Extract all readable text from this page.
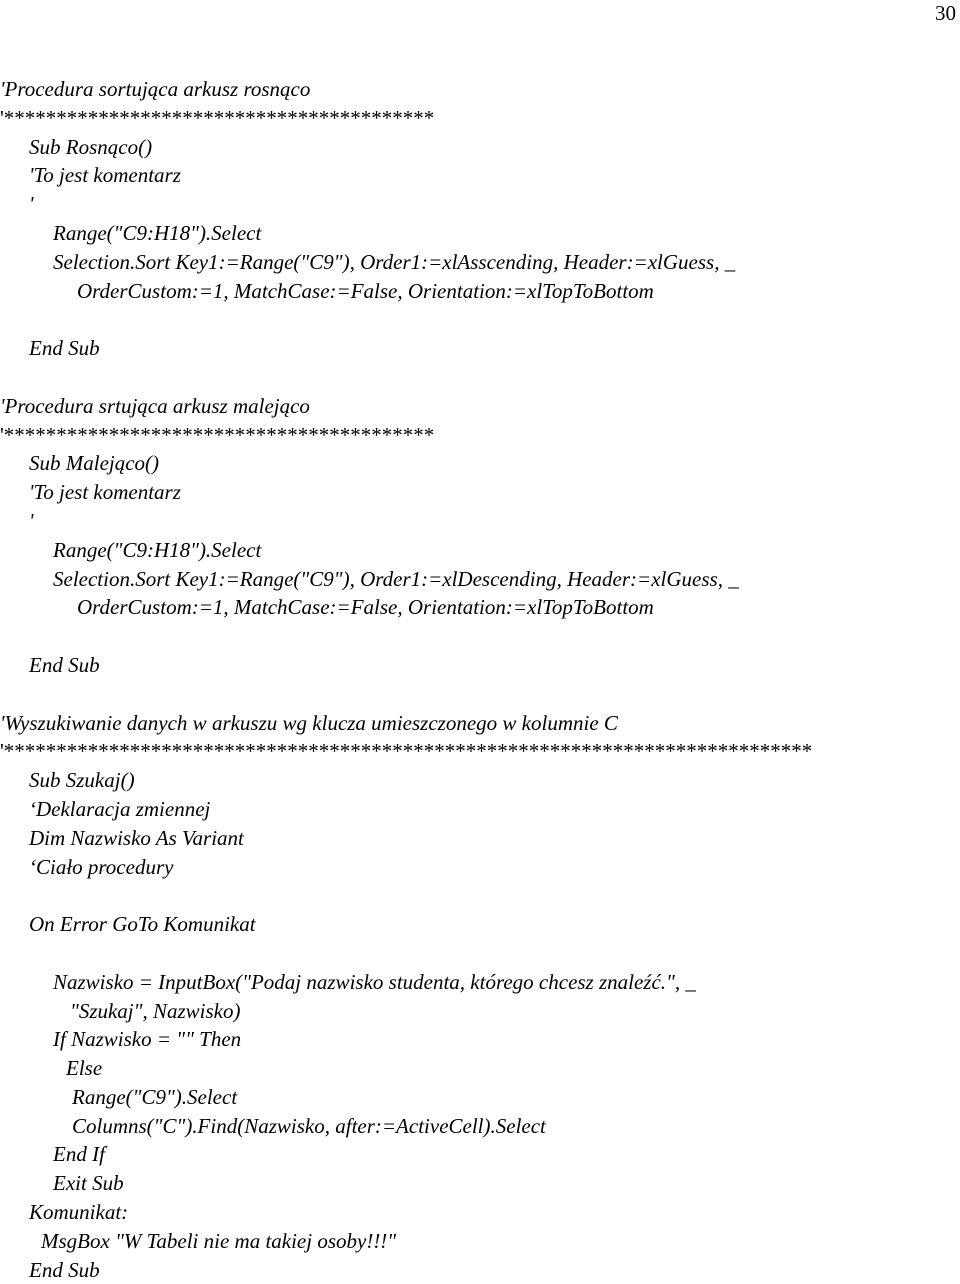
30
'Procedura sortująca arkusz rosnąco
'*****************************************
Sub Rosnąco()
'To jest komentarz
'
Range("C9:H18").Select
Selection.Sort Key1:=Range("C9"), Order1:=xlAsscending, Header:=xlGuess, _
OrderCustom:=1, MatchCase:=False, Orientation:=xlTopToBottom

End Sub

'Procedura srtująca arkusz malejąco
'*****************************************
Sub Malejąco()
'To jest komentarz
'
Range("C9:H18").Select
Selection.Sort Key1:=Range("C9"), Order1:=xlDescending, Header:=xlGuess, _
OrderCustom:=1, MatchCase:=False, Orientation:=xlTopToBottom

End Sub

'Wyszukiwanie danych w arkuszu wg klucza umieszczonego w kolumnie C
'*****************************************************************************
Sub Szukaj()
‘Deklaracja zmiennej
Dim Nazwisko As Variant
‘Ciało procedury

On Error GoTo Komunikat

Nazwisko = InputBox("Podaj nazwisko studenta, którego chcesz znaleźć.", _
"Szukaj", Nazwisko)
If Nazwisko = "" Then
Else
Range("C9").Select
Columns("C").Find(Nazwisko, after:=ActiveCell).Select
End If
Exit Sub
Komunikat:
MsgBox "W Tabeli nie ma takiej osoby!!!"
End Sub
